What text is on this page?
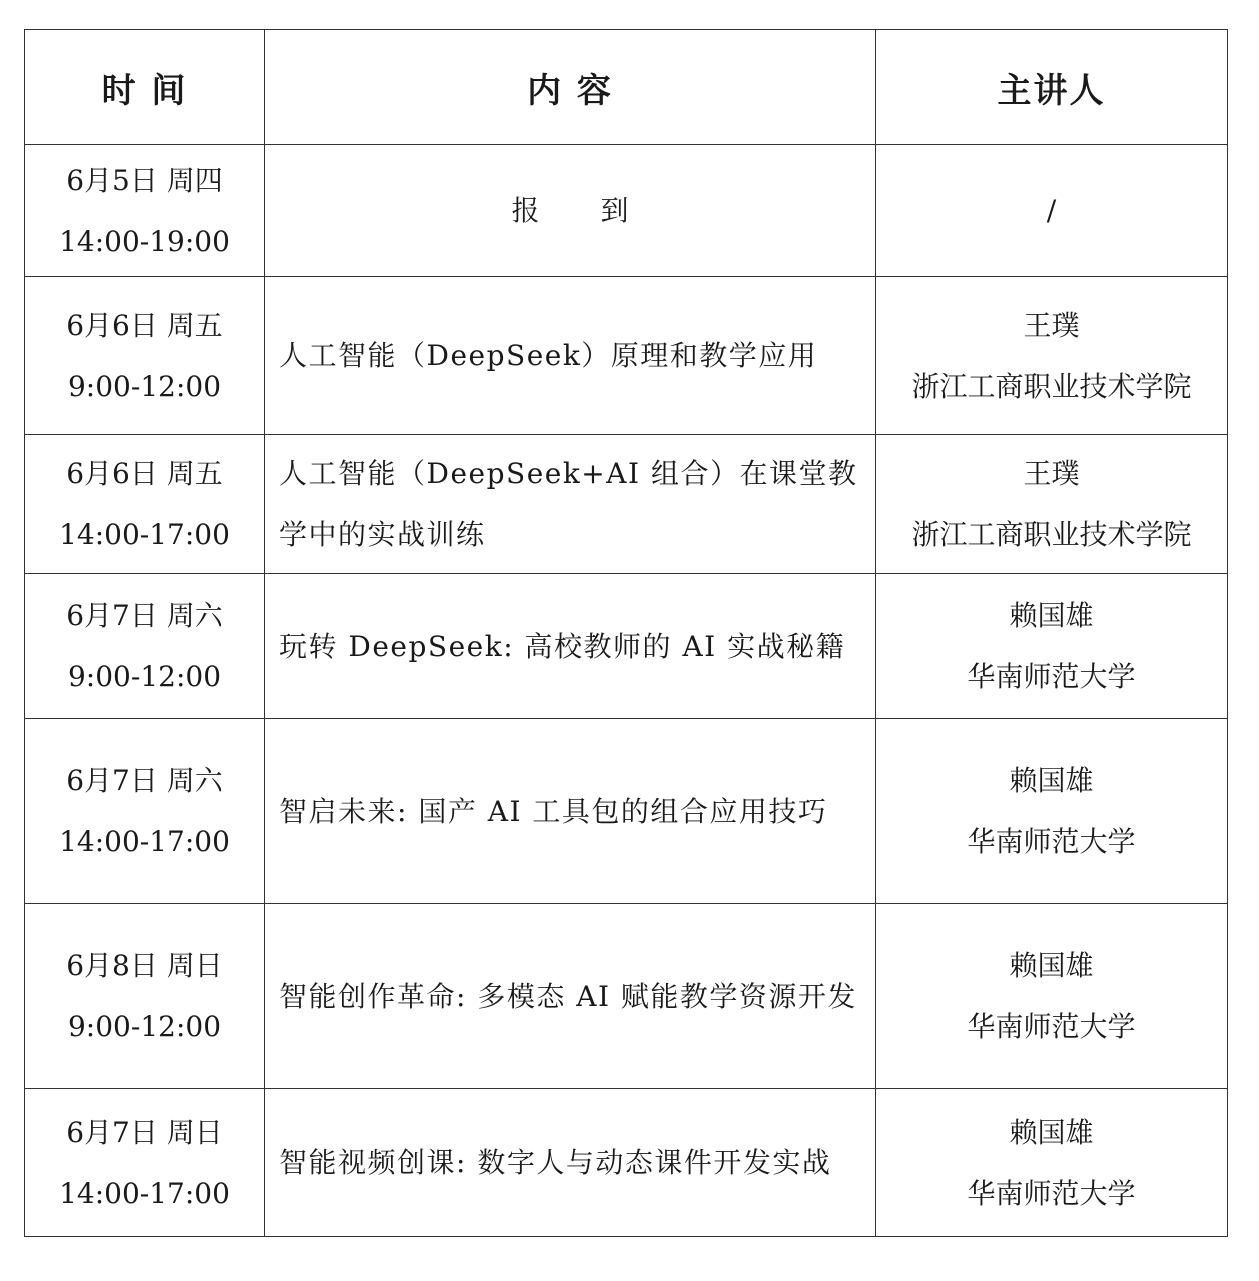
时 间	内 容	主讲人

6月5日 周四
14:00-19:00	报 到	/

6月6日 周五
9:00-12:00	人工智能（DeepSeek）原理和教学应用	王璞
浙江工商职业技术学院

6月6日 周五
14:00-17:00	人工智能（DeepSeek+AI 组合）在课堂教学中的实战训练	王璞
浙江工商职业技术学院

6月7日 周六
9:00-12:00	玩转 DeepSeek: 高校教师的 AI 实战秘籍	赖国雄
华南师范大学

6月7日 周六
14:00-17:00	智启未来: 国产 AI 工具包的组合应用技巧	赖国雄
华南师范大学

6月8日 周日
9:00-12:00	智能创作革命: 多模态 AI 赋能教学资源开发	赖国雄
华南师范大学

6月7日 周日
14:00-17:00	智能视频创课: 数字人与动态课件开发实战	赖国雄
华南师范大学
